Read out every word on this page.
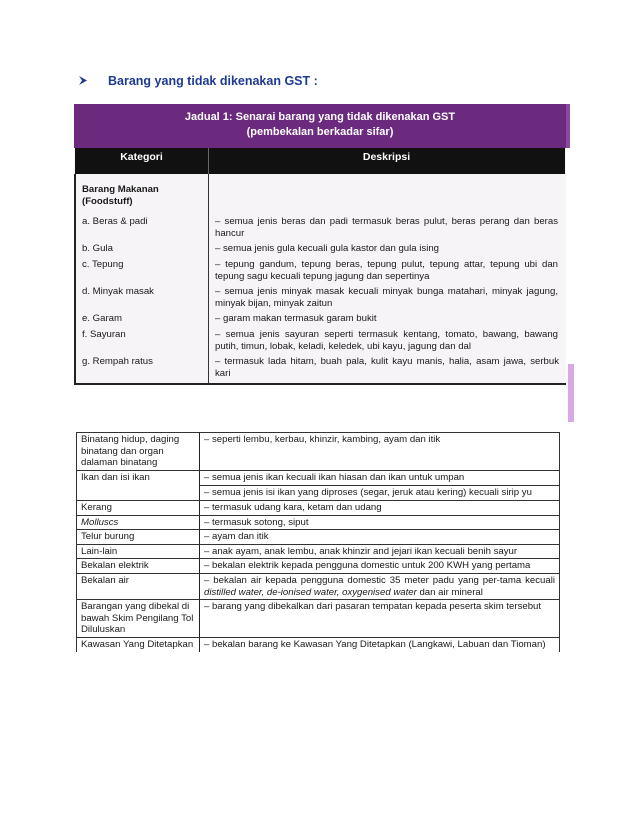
Barang yang tidak dikenakan GST :
Jadual 1: Senarai barang yang tidak dikenakan GST
(pembekalan berkadar sifar)
Kategori	Deskripsi
Barang Makanan (Foodstuff)	
a. Beras & padi	– semua jenis beras dan padi termasuk beras pulut, beras perang dan beras hancur
b. Gula	– semua jenis gula kecuali gula kastor dan gula ising
c. Tepung	– tepung gandum, tepung beras, tepung pulut, tepung attar, tepung ubi dan tepung sagu kecuali tepung jagung dan sepertinya
d. Minyak masak	– semua jenis minyak masak kecuali minyak bunga matahari, minyak jagung, minyak bijan, minyak zaitun
e. Garam	– garam makan termasuk garam bukit
f. Sayuran	– semua jenis sayuran seperti termasuk kentang, tomato, bawang, bawang putih, timun, lobak, keladi, keledek, ubi kayu, jagung dan dal
g. Rempah ratus	– termasuk lada hitam, buah pala, kulit kayu manis, halia, asam jawa, serbuk kari
Binatang hidup, daging binatang dan organ dalaman binatang	– seperti lembu, kerbau, khinzir, kambing, ayam dan itik
Ikan dan isi ikan	– semua jenis ikan kecuali ikan hiasan dan ikan untuk umpan
– semua jenis isi ikan yang diproses (segar, jeruk atau kering) kecuali sirip yu

Kerang	– termasuk udang kara, ketam dan udang
Molluscs	– termasuk sotong, siput
Telur burung	– ayam dan itik
Lain-lain	– anak ayam, anak lembu, anak khinzir and jejari ikan kecuali benih sayur
Bekalan elektrik	– bekalan elektrik kepada pengguna domestic untuk 200 KWH yang pertama
Bekalan air	– bekalan air kepada pengguna domestic 35 meter padu yang per-tama kecuali distilled water, de-ionised water, oxygenised water dan air mineral
Barangan yang dibekal di bawah Skim Pengilang Tol Diluluskan	– barang yang dibekalkan dari pasaran tempatan kepada peserta skim tersebut
Kawasan Yang Ditetapkan	– bekalan barang ke Kawasan Yang Ditetapkan (Langkawi, Labuan dan Tioman)
